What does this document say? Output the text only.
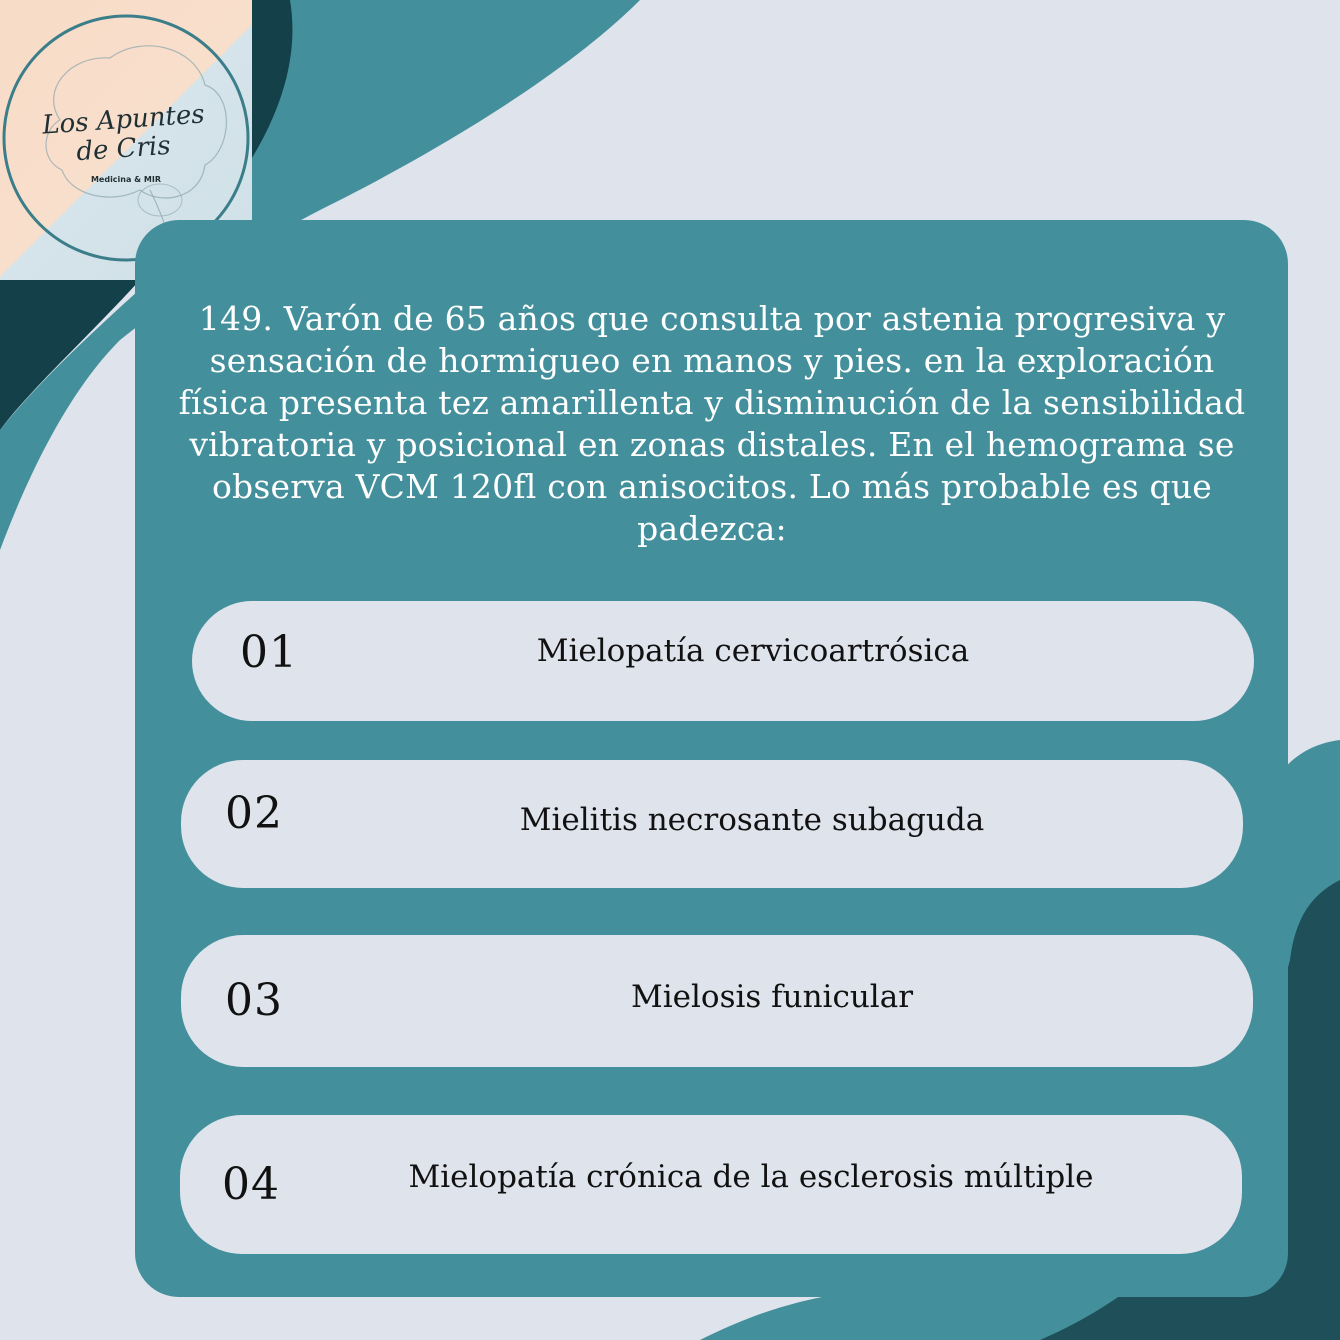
Los Apuntes
de Cris
Medicina & MIR

149. Varón de 65 años que consulta por astenia progresiva y sensación de hormigueo en manos y pies. en la exploración física presenta tez amarillenta y disminución de la sensibilidad vibratoria y posicional en zonas distales. En el hemograma se observa VCM 120fl con anisocitos. Lo más probable es que padezca:

01	Mielopatía cervicoartrósica
02	Mielitis necrosante subaguda
03	Mielosis funicular
04	Mielopatía crónica de la esclerosis múltiple
